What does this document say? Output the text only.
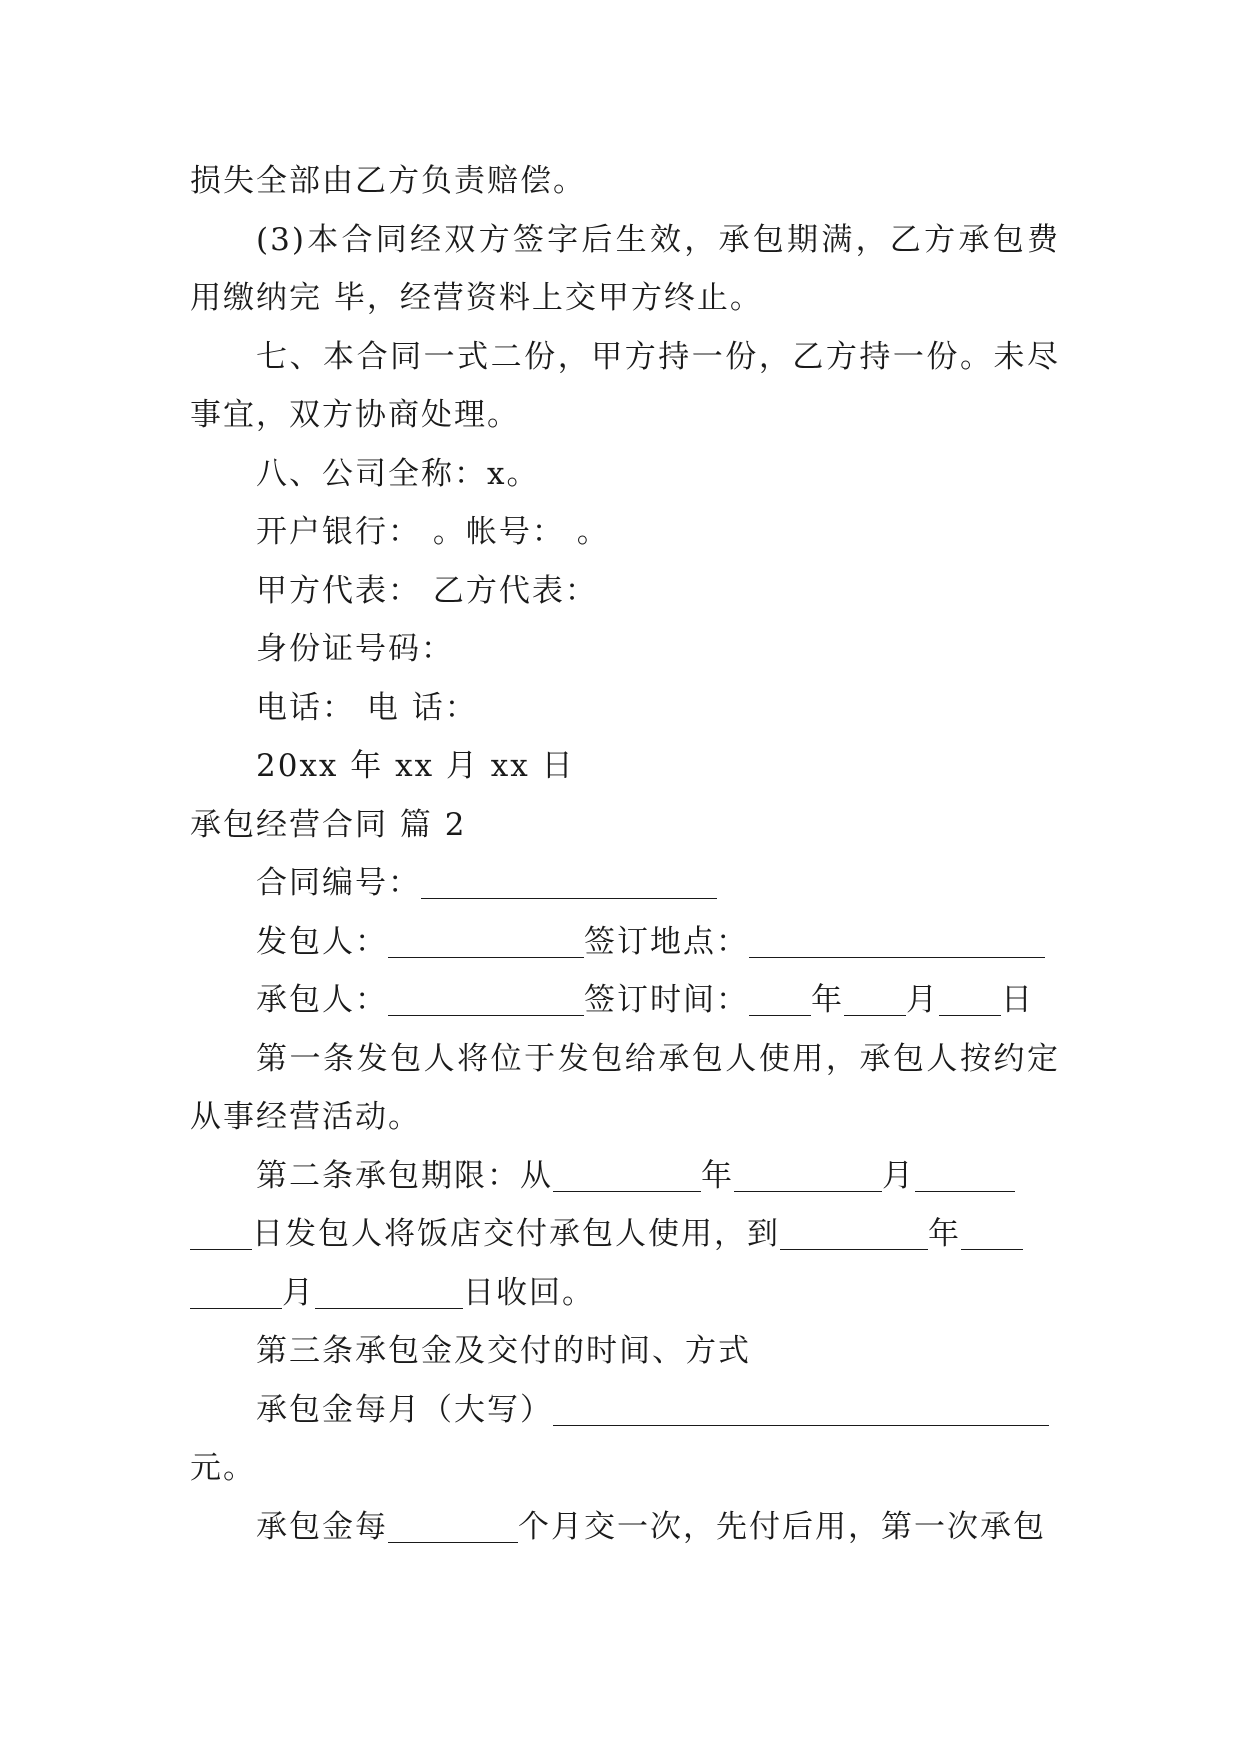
损失全部由乙方负责赔偿。
(3)本合同经双方签字后生效，承包期满，乙方承包费
用缴纳完 毕，经营资料上交甲方终止。
七、本合同一式二份，甲方持一份，乙方持一份。未尽
事宜，双方协商处理。
八、公司全称：x。
开户银行： 。帐号： 。
甲方代表： 乙方代表：
身份证号码：
电话： 电 话：
20xx 年 xx 月 xx 日
承包经营合同 篇 2
合同编号：
发包人：	签订地点：
承包人：	签订时间： 年 月 日
第一条发包人将位于发包给承包人使用，承包人按约定
从事经营活动。
第二条承包期限：从	年	月
日发包人将饭店交付承包人使用，到	年
月	日收回。
第三条承包金及交付的时间、方式
承包金每月（大写）
元。
承包金每	个月交一次，先付后用，第一次承包
